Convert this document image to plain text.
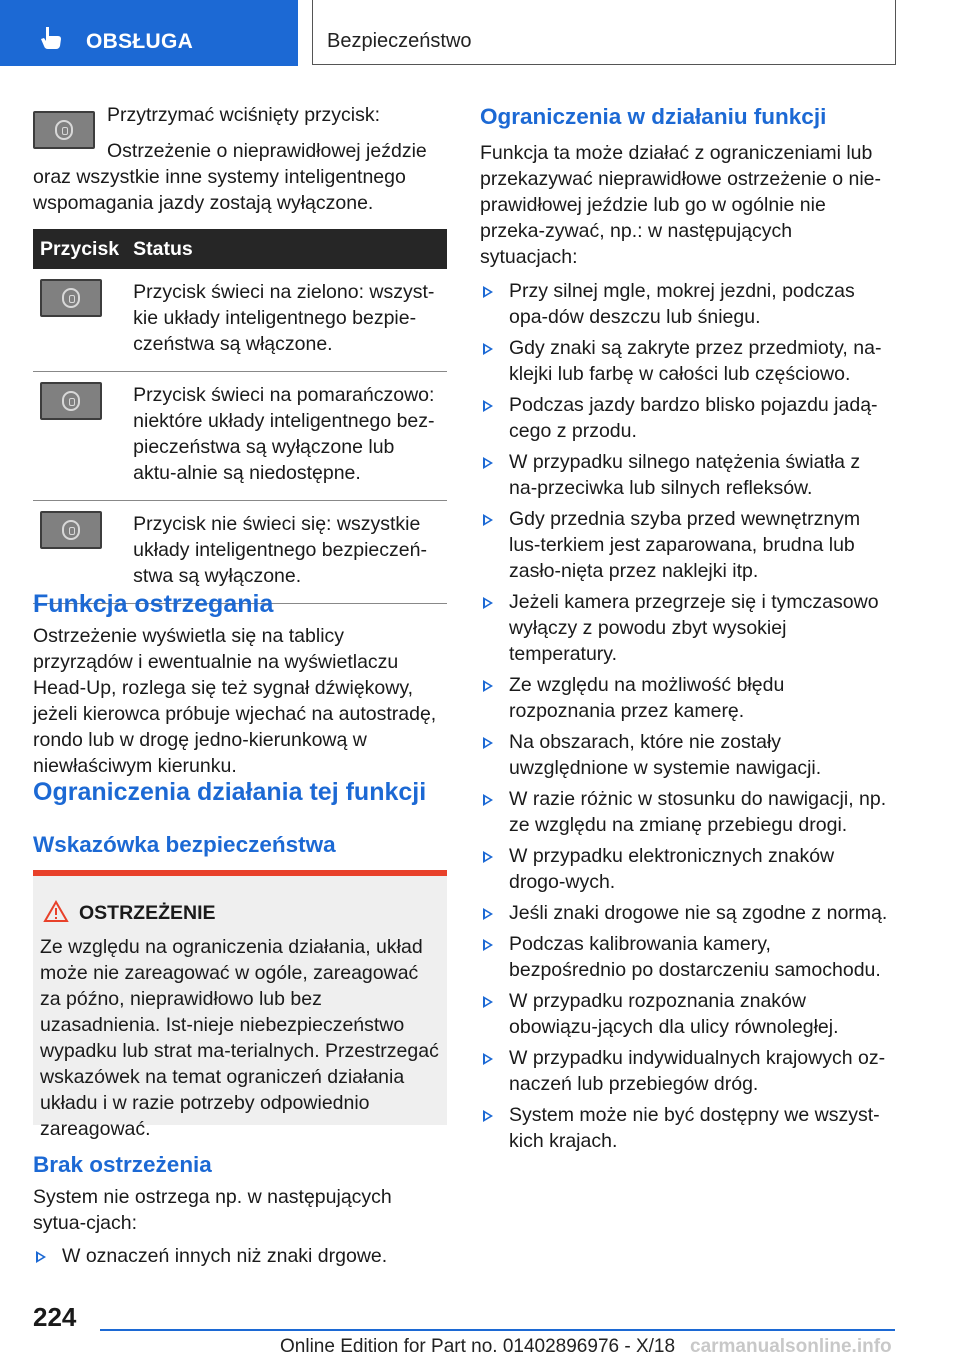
OBSŁUGA	Bezpieczeństwo

Przytrzymać wciśnięty przycisk:

Ostrzeżenie o nieprawidłowej jeździe

oraz wszystkie inne systemy inteligentnego

wspomagania jazdy zostają wyłączone.

Przycisk	Status

	Przycisk świeci na zielono: wszyst-kie układy inteligentnego bezpie-czeństwa są włączone.

	Przycisk świeci na pomarańczowo: niektóre układy inteligentnego bez-pieczeństwa są wyłączone lub aktu-alnie są niedostępne.

	Przycisk nie świeci się: wszystkie układy inteligentnego bezpieczeń-stwa są wyłączone.

Funkcja ostrzegania

Ostrzeżenie wyświetla się na tablicy przyrządów i ewentualnie na wyświetlaczu Head-Up, rozlega się też sygnał dźwiękowy, jeżeli kierowca próbuje wjechać na autostradę, rondo lub w drogę jedno-kierunkową w niewłaściwym kierunku.

Ograniczenia działania tej funkcji

Wskazówka bezpieczeństwa

OSTRZEŻENIE

Ze względu na ograniczenia działania, układ może nie zareagować w ogóle, zareagować za późno, nieprawidłowo lub bez uzasadnienia. Ist-nieje niebezpieczeństwo wypadku lub strat ma-terialnych. Przestrzegać wskazówek na temat ograniczeń działania układu i w razie potrzeby odpowiednio zareagować.

Brak ostrzeżenia

System nie ostrzega np. w następujących sytua-cjach:

W oznaczeń innych niż znaki drgowe.

Ograniczenia w działaniu funkcji

Funkcja ta może działać z ograniczeniami lub przekazywać nieprawidłowe ostrzeżenie o nie-prawidłowej jeździe lub go w ogólnie nie przeka-zywać, np.: w następujących sytuacjach:

Przy silnej mgle, mokrej jezdni, podczas opa-dów deszczu lub śniegu.
Gdy znaki są zakryte przez przedmioty, na-klejki lub farbę w całości lub częściowo.
Podczas jazdy bardzo blisko pojazdu jadą-cego z przodu.
W przypadku silnego natężenia światła z na-przeciwka lub silnych refleksów.
Gdy przednia szyba przed wewnętrznym lus-terkiem jest zaparowana, brudna lub zasło-nięta przez naklejki itp.
Jeżeli kamera przegrzeje się i tymczasowo wyłączy z powodu zbyt wysokiej temperatury.
Ze względu na możliwość błędu rozpoznania przez kamerę.
Na obszarach, które nie zostały uwzględnione w systemie nawigacji.
W razie różnic w stosunku do nawigacji, np. ze względu na zmianę przebiegu drogi.
W przypadku elektronicznych znaków drogo-wych.
Jeśli znaki drogowe nie są zgodne z normą.
Podczas kalibrowania kamery, bezpośrednio po dostarczeniu samochodu.
W przypadku rozpoznania znaków obowiązu-jących dla ulicy równoległej.
W przypadku indywidualnych krajowych oz-naczeń lub przebiegów dróg.
System może nie być dostępny we wszyst-kich krajach.
224
Online Edition for Part no. 01402896976 - X/18 carmanualsonline.info
